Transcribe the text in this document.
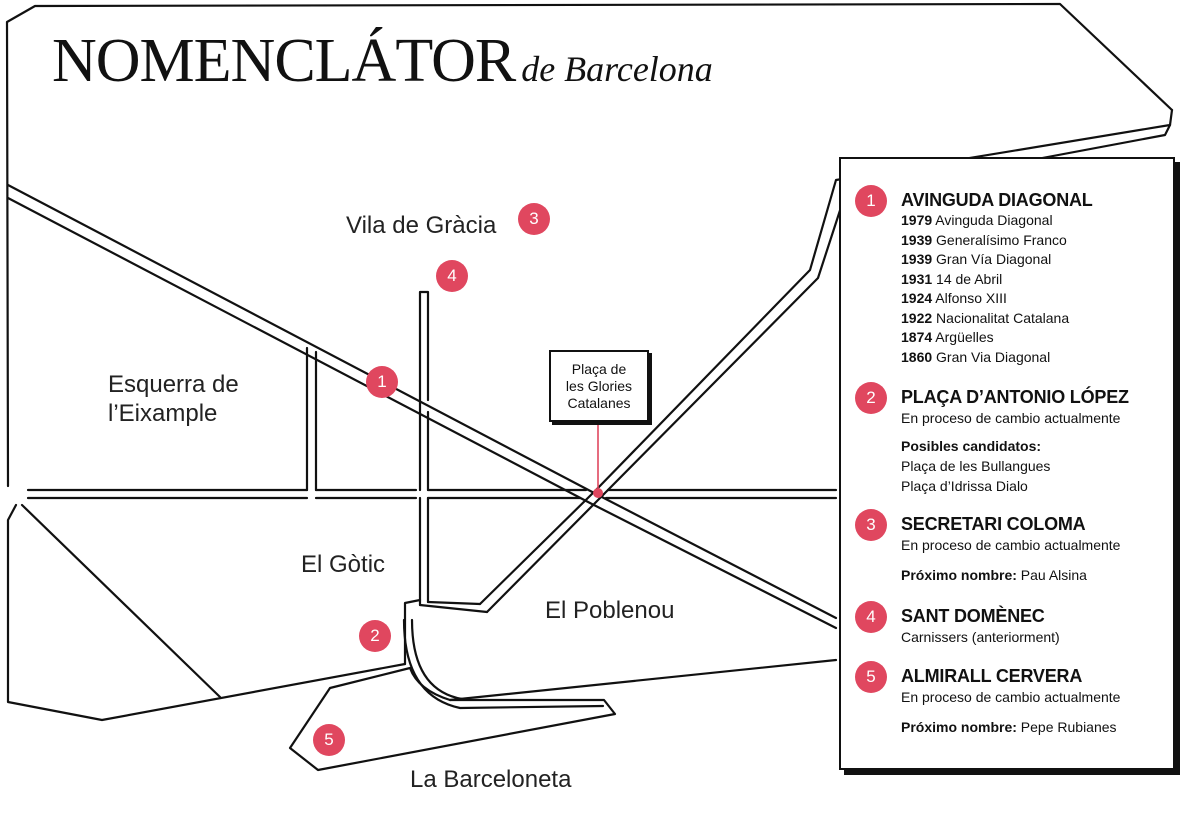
NOMENCLÁTOR de Barcelona
Vila de Gràcia
Esquerra de
l’Eixample
El Gòtic
El Poblenou
La Barceloneta
Plaça de
les Glories
Catalanes
3
4
1
2
5
1	AVINGUDA DIAGONAL
1979 Avinguda Diagonal
1939 Generalísimo Franco
1939 Gran Vía Diagonal
1931 14 de Abril
1924 Alfonso XIII
1922 Nacionalitat Catalana
1874 Argüelles
1860 Gran Via Diagonal
2	PLAÇA D’ANTONIO LÓPEZ
En proceso de cambio actualmente
Posibles candidatos:
Plaça de les Bullangues
Plaça d’Idrissa Dialo
3	SECRETARI COLOMA
En proceso de cambio actualmente
Próximo nombre: Pau Alsina
4	SANT DOMÈNEC
Carnissers (anteriorment)
5	ALMIRALL CERVERA
En proceso de cambio actualmente
Próximo nombre: Pepe Rubianes
